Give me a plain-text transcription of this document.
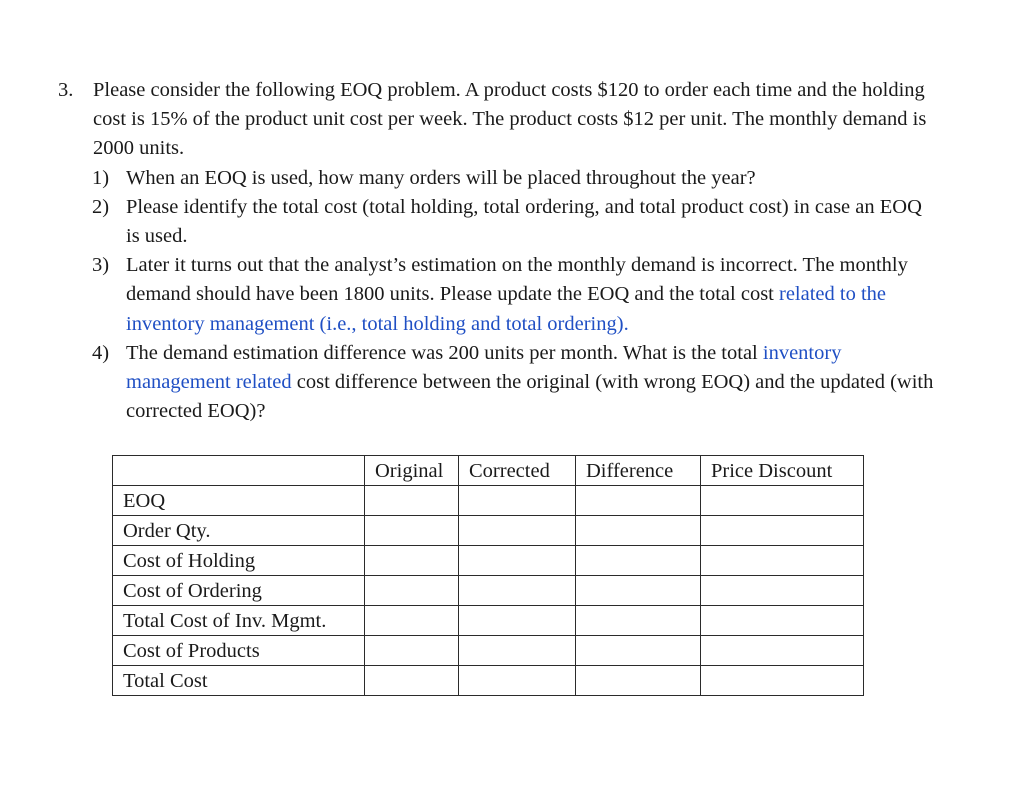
3. Please consider the following EOQ problem. A product costs $120 to order each time and the holding cost is 15% of the product unit cost per week. The product costs $12 per unit. The monthly demand is 2000 units.
1) When an EOQ is used, how many orders will be placed throughout the year?
2) Please identify the total cost (total holding, total ordering, and total product cost) in case an EOQ is used.
3) Later it turns out that the analyst’s estimation on the monthly demand is incorrect. The monthly demand should have been 1800 units. Please update the EOQ and the total cost related to the inventory management (i.e., total holding and total ordering).
4) The demand estimation difference was 200 units per month. What is the total inventory management related cost difference between the original (with wrong EOQ) and the updated (with corrected EOQ)?
	Original	Corrected	Difference	Price Discount
EOQ				
Order Qty.				
Cost of Holding				
Cost of Ordering				
Total Cost of Inv. Mgmt.				
Cost of Products				
Total Cost				
